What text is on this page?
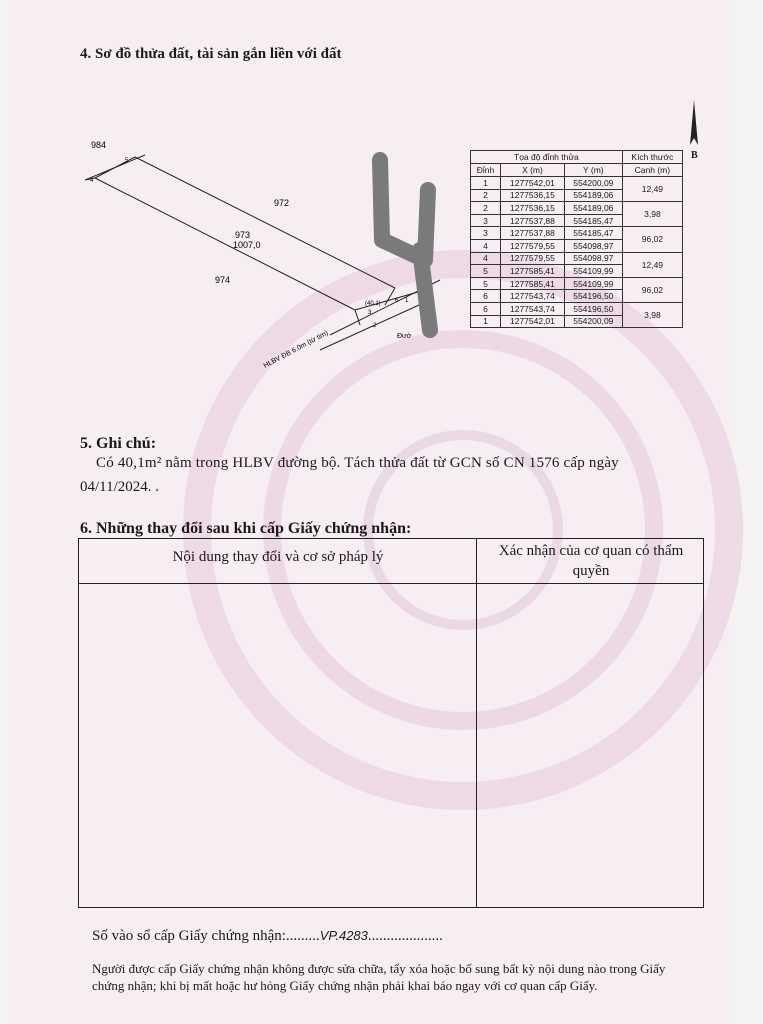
4. Sơ đồ thửa đất, tài sản gắn liền với đất
984
972
973
1007,0
974
5
4
3
2
1
6
(40,1)
HLBV ĐB 6.0m (từ tim)	Đườ
B
Tọa độ đỉnh thửa			Kích thước
Đỉnh	X (m)	Y (m)	Cạnh (m)
1	1277542,01	554200,09	12,49
2	1277536,15	554189,06	
2	1277536,15	554189,06	3,98
3	1277537,88	554185,47	
3	1277537,88	554185,47	96,02
4	1277579,55	554098,97	
4	1277579,55	554098,97	12,49
5	1277585,41	554109,99	
5	1277585,41	554109,99	96,02
6	1277543,74	554196,50	
6	1277543,74	554196,50	3,98
1	1277542,01	554200,09	
5. Ghi chú:
Có 40,1m² nằm trong HLBV đường bộ. Tách thửa đất từ GCN số CN 1576 cấp ngày
04/11/2024. .
6. Những thay đổi sau khi cấp Giấy chứng nhận:
Nội dung thay đổi và cơ sở pháp lý	Xác nhận của cơ quan có thẩm quyền
Số vào sổ cấp Giấy chứng nhận:.........VP.4283....................
Người được cấp Giấy chứng nhận không được sửa chữa, tẩy xóa hoặc bổ sung bất kỳ nội dung nào trong Giấy chứng nhận; khi bị mất hoặc hư hỏng Giấy chứng nhận phải khai báo ngay với cơ quan cấp Giấy.
